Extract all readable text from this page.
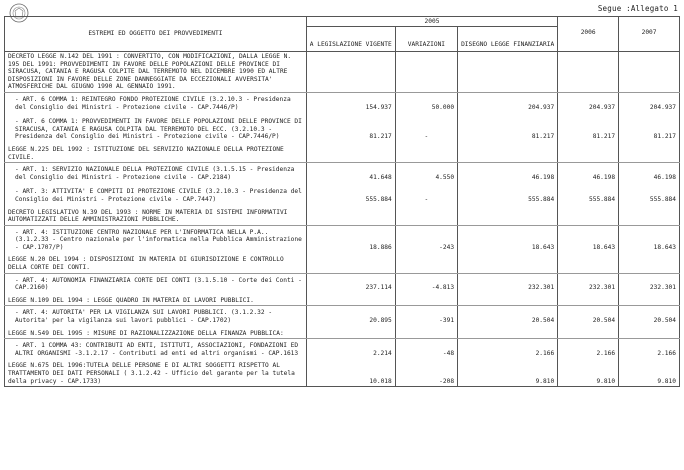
Segue :Allegato 1
ESTREMI ED OGGETTO DEI PROVVEDIMENTI	2005			2006	2007
	A LEGISLAZIONE VIGENTE	VARIAZIONI	DISEGNO LEGGE FINANZIARIA		
DECRETO LEGGE N.142 DEL 1991 : CONVERTITO, CON MODIFICAZIONI, DALLA LEGGE N. 195 DEL 1991: PROVVEDIMENTI IN FAVORE DELLE POPOLAZIONI DELLE PROVINCE DI SIRACUSA, CATANIA E RAGUSA COLPITE DAL TERREMOTO NEL DICEMBRE 1990 ED ALTRE DISPOSIZIONI IN FAVORE DELLE ZONE DANNEGGIATE DA ECCEZIONALI AVVERSITA' ATMOSFERICHE DAL GIUGNO 1990 AL GENNAIO 1991.					
- ART. 6 COMMA 1: REINTEGRO FONDO PROTEZIONE CIVILE (3.2.10.3 - Presidenza del Consiglio dei Ministri - Protezione civile - CAP.7446/P)	154.937	50.000	204.937	204.937	204.937
- ART. 6 COMMA 1: PROVVEDIMENTI IN FAVORE DELLE POPOLAZIONI DELLE PROVINCE DI SIRACUSA, CATANIA E RAGUSA COLPITA DAL TERREMOTO DEL ECC. (3.2.10.3 - Presidenza del Consiglio dei Ministri - Protezione civile - CAP.7446/P)	81.217	-	81.217	81.217	81.217
LEGGE N.225 DEL 1992 : ISTITUZIONE DEL SERVIZIO NAZIONALE DELLA PROTEZIONE CIVILE.					
- ART. 1: SERVIZIO NAZIONALE DELLA PROTEZIONE CIVILE (3.1.5.15 - Presidenza del Consiglio dei Ministri - Protezione civile - CAP.2184)	41.648	4.550	46.198	46.198	46.198
- ART. 3: ATTIVITA' E COMPITI DI PROTEZIONE CIVILE (3.2.10.3 - Presidenza del Consiglio dei Ministri - Protezione civile - CAP.7447)	555.884	-	555.884	555.884	555.884
DECRETO LEGISLATIVO N.39 DEL 1993 : NORME IN MATERIA DI SISTEMI INFORMATIVI AUTOMATIZZATI DELLE AMMINISTRAZIONI PUBBLICHE.					
- ART. 4: ISTITUZIONE CENTRO NAZIONALE PER L'INFORMATICA NELLA P.A.. (3.1.2.33 - Centro nazionale per l'informatica nella Pubblica Amministrazione - CAP.1707/P)	18.886	-243	18.643	18.643	18.643
LEGGE N.20 DEL 1994 : DISPOSIZIONI IN MATERIA DI GIURISDIZIONE E CONTROLLO DELLA CORTE DEI CONTI.					
- ART. 4: AUTONOMIA FINANZIARIA CORTE DEI CONTI (3.1.5.10 - Corte dei Conti - CAP.2160)	237.114	-4.813	232.301	232.301	232.301
LEGGE N.109 DEL 1994 : LEGGE QUADRO IN MATERIA DI LAVORI PUBBLICI.					
- ART. 4: AUTORITA' PER LA VIGILANZA SUI LAVORI PUBBLICI. (3.1.2.32 - Autorita' per la vigilanza sui lavori pubblici - CAP.1702)	20.895	-391	20.504	20.504	20.504
LEGGE N.549 DEL 1995 : MISURE DI RAZIONALIZZAZIONE DELLA FINANZA PUBBLICA:					
- ART. 1 COMMA 43: CONTRIBUTI AD ENTI, ISTITUTI, ASSOCIAZIONI, FONDAZIONI ED ALTRI ORGANISMI -3.1.2.17 - Contributi ad enti ed altri organismi - CAP.1613	2.214	-48	2.166	2.166	2.166
LEGGE N.675 DEL 1996:TUTELA DELLE PERSONE E DI ALTRI SOGGETTI RISPETTO AL TRATTAMENTO DEI DATI PERSONALI ( 3.1.2.42 - Ufficio del garante per la tutela della privacy - CAP.1733)	10.018	-208	9.810	9.810	9.810
